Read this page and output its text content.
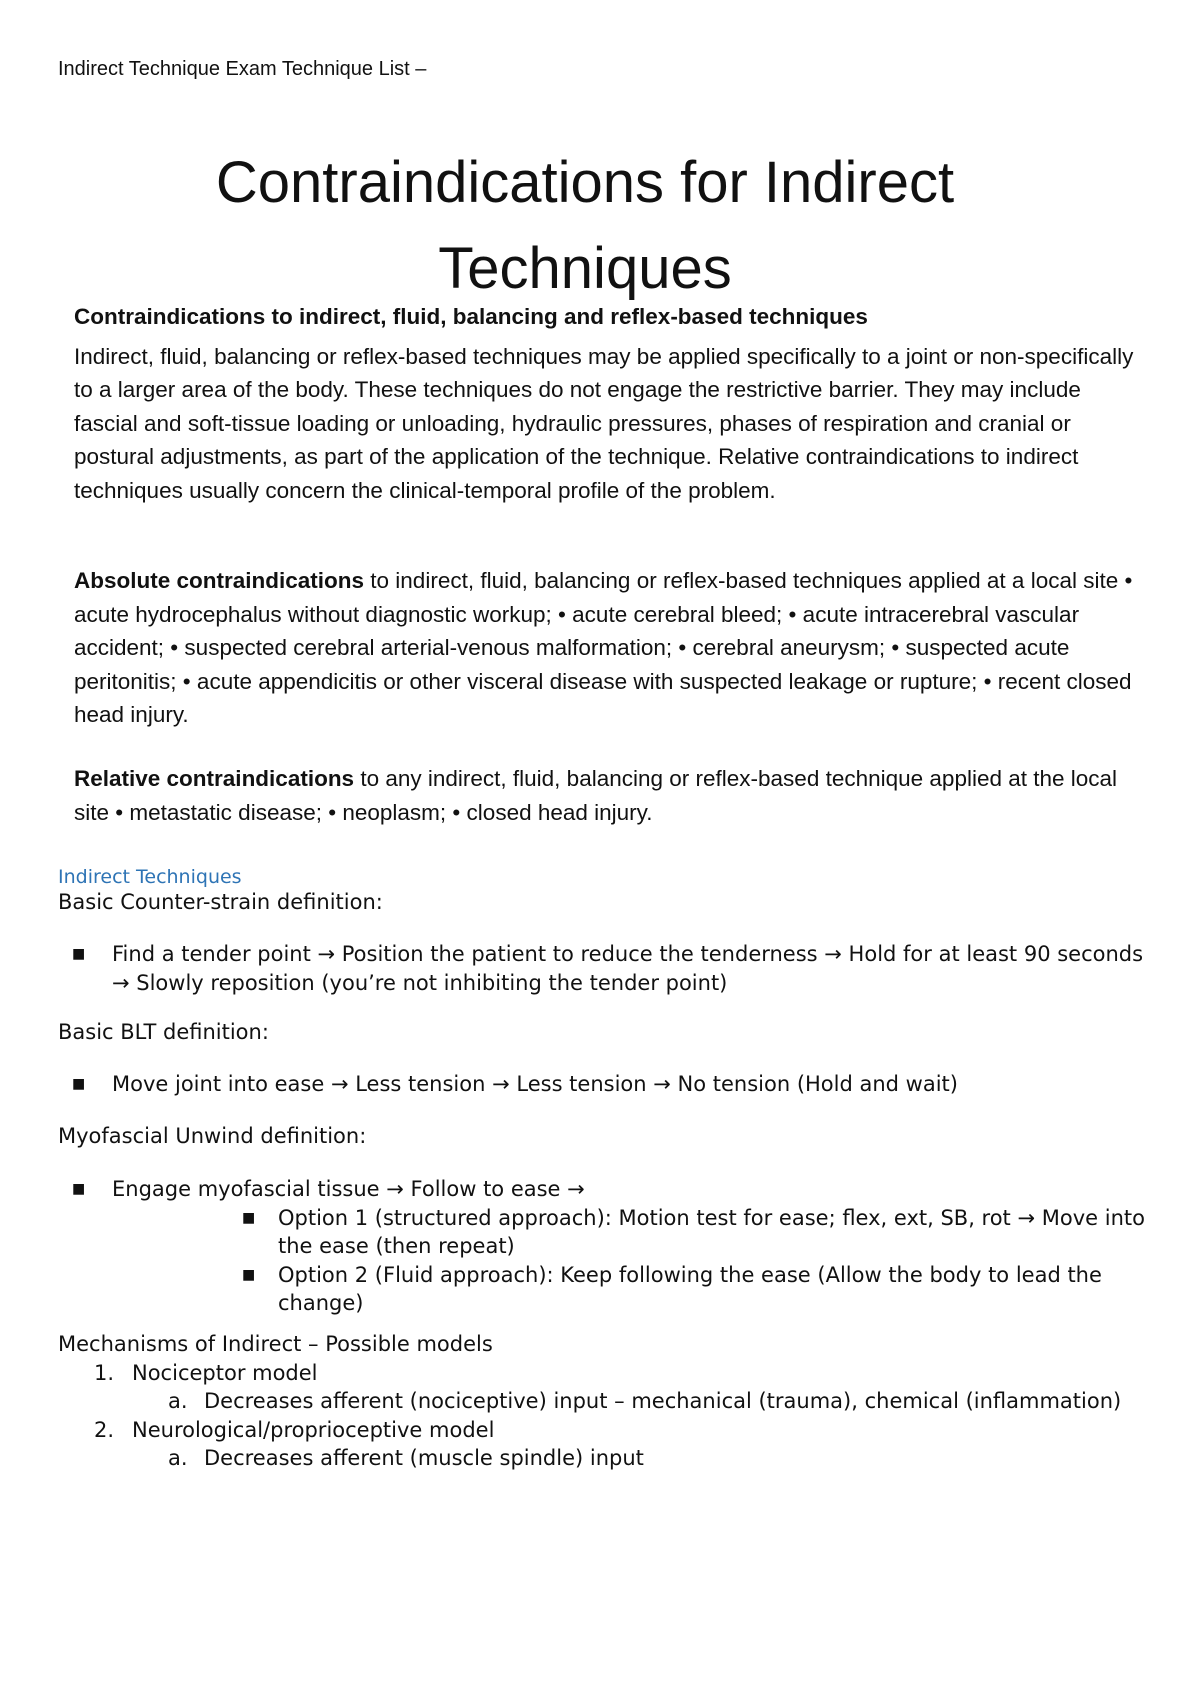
Indirect Technique Exam Technique List –
Contraindications for Indirect
Techniques

Contraindications to indirect, fluid, balancing and reflex-based techniques

Indirect, fluid, balancing or reflex-based techniques may be applied specifically to a joint or non-specifically to a larger area of the body. These techniques do not engage the restrictive barrier. They may include fascial and soft-tissue loading or unloading, hydraulic pressures, phases of respiration and cranial or postural adjustments, as part of the application of the technique. Relative contraindications to indirect techniques usually concern the clinical-temporal profile of the problem.

Absolute contraindications to indirect, fluid, balancing or reflex-based techniques applied at a local site • acute hydrocephalus without diagnostic workup; • acute cerebral bleed; • acute intracerebral vascular accident; • suspected cerebral arterial-venous malformation; • cerebral aneurysm; • suspected acute peritonitis; • acute appendicitis or other visceral disease with suspected leakage or rupture; • recent closed head injury.

Relative contraindications to any indirect, fluid, balancing or reflex-based technique applied at the local site • metastatic disease; • neoplasm; • closed head injury.

Indirect Techniques
Basic Counter-strain definition:
■ Find a tender point → Position the patient to reduce the tenderness → Hold for at least 90 seconds → Slowly reposition (you’re not inhibiting the tender point)
Basic BLT definition:
■ Move joint into ease → Less tension → Less tension → No tension (Hold and wait)
Myofascial Unwind definition:
■ Engage myofascial tissue → Follow to ease →
■ Option 1 (structured approach): Motion test for ease; flex, ext, SB, rot → Move into the ease (then repeat)
■ Option 2 (Fluid approach): Keep following the ease (Allow the body to lead the change)
Mechanisms of Indirect – Possible models
1. Nociceptor model
a. Decreases afferent (nociceptive) input – mechanical (trauma), chemical (inflammation)
2. Neurological/proprioceptive model
a. Decreases afferent (muscle spindle) input
